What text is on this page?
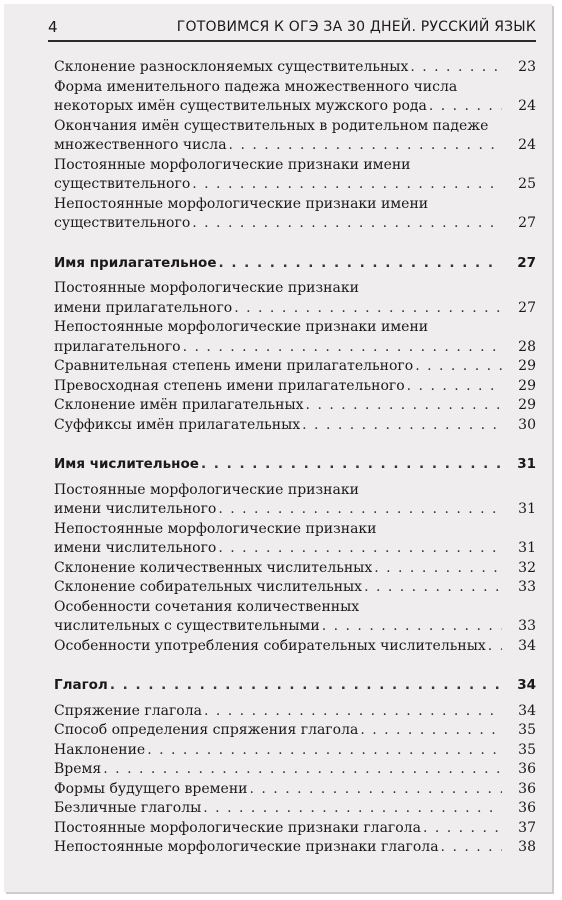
4	ГОТОВИМСЯ К ОГЭ ЗА 30 ДНЕЙ. РУССКИЙ ЯЗЫК
Склонение разносклоняемых существительных . . .	23
Форма именительного падежа множественного числа
некоторых имён существительных мужского рода . . .	24
Окончания имён существительных в родительном падеже
множественного числа . . .	24
Постоянные морфологические признаки имени
существительного . . .	25
Непостоянные морфологические признаки имени
существительного . . .	27
Имя прилагательное . . .	27
Постоянные морфологические признаки
имени прилагательного . . .	27
Непостоянные морфологические признаки имени
прилагательного . . .	28
Сравнительная степень имени прилагательного . . .	29
Превосходная степень имени прилагательного . . .	29
Склонение имён прилагательных . . .	29
Суффиксы имён прилагательных . . .	30
Имя числительное . . .	31
Постоянные морфологические признаки
имени числительного . . .	31
Непостоянные морфологические признаки
имени числительного . . .	31
Склонение количественных числительных . . .	32
Склонение собирательных числительных . . .	33
Особенности сочетания количественных
числительных с существительными . . .	33
Особенности употребления собирательных числительных . . . 34
Глагол . . .	34
Спряжение глагола . . .	34
Способ определения спряжения глагола . . .	35
Наклонение . . .	35
Время . . .	36
Формы будущего времени . . .	36
Безличные глаголы . . .	36
Постоянные морфологические признаки глагола . . .	37
Непостоянные морфологические признаки глагола . . .	38
